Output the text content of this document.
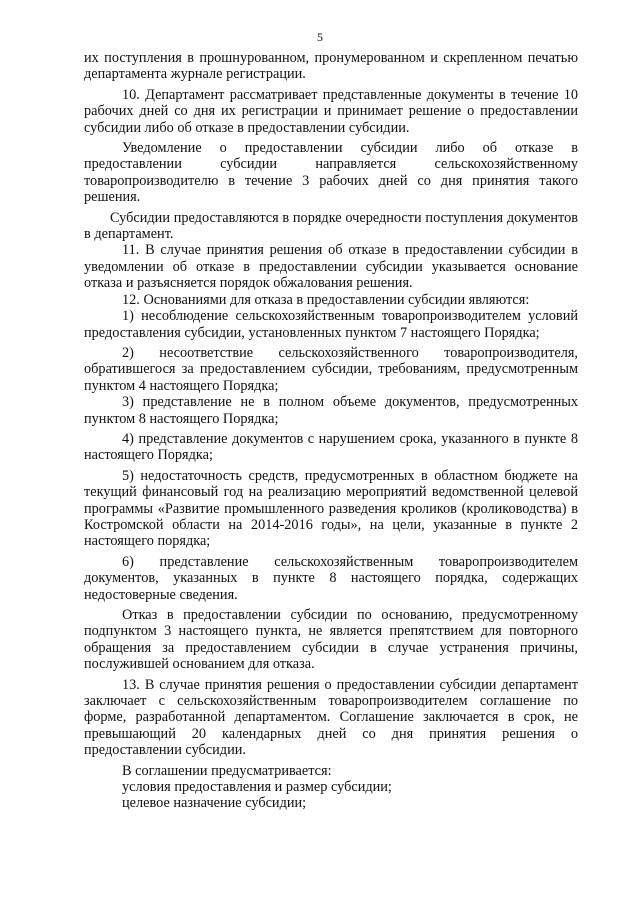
5

их поступления в прошнурованном, пронумерованном и скрепленном печатью департамента журнале регистрации.

10. Департамент рассматривает представленные документы в течение 10 рабочих дней со дня их регистрации и принимает решение о предоставлении субсидии либо об отказе в предоставлении субсидии.

Уведомление о предоставлении субсидии либо об отказе в предоставлении субсидии направляется сельскохозяйственному товаропроизводителю в течение 3 рабочих дней со дня принятия такого решения.

Субсидии предоставляются в порядке очередности поступления документов в департамент.

11. В случае принятия решения об отказе в предоставлении субсидии в уведомлении об отказе в предоставлении субсидии указывается основание отказа и разъясняется порядок обжалования решения.

12. Основаниями для отказа в предоставлении субсидии являются:

1) несоблюдение сельскохозяйственным товаропроизводителем условий предоставления субсидии, установленных пунктом 7 настоящего Порядка;

2) несоответствие сельскохозяйственного товаропроизводителя, обратившегося за предоставлением субсидии, требованиям, предусмотренным пунктом 4 настоящего Порядка;

3) представление не в полном объеме документов, предусмотренных пунктом 8 настоящего Порядка;

4) представление документов с нарушением срока, указанного в пункте 8 настоящего Порядка;

5) недостаточность средств, предусмотренных в областном бюджете на текущий финансовый год на реализацию мероприятий ведомственной целевой программы «Развитие промышленного разведения кроликов (кролиководства) в Костромской области на 2014-2016 годы», на цели, указанные в пункте 2 настоящего порядка;

6) представление сельскохозяйственным товаропроизводителем документов, указанных в пункте 8 настоящего порядка, содержащих недостоверные сведения.

Отказ в предоставлении субсидии по основанию, предусмотренному подпунктом 3 настоящего пункта, не является препятствием для повторного обращения за предоставлением субсидии в случае устранения причины, послужившей основанием для отказа.

13. В случае принятия решения о предоставлении субсидии департамент заключает с сельскохозяйственным товаропроизводителем соглашение по форме, разработанной департаментом. Соглашение заключается в срок, не превышающий 20 календарных дней со дня принятия решения о предоставлении субсидии.

В соглашении предусматривается:

условия предоставления и размер субсидии;

целевое назначение субсидии;
